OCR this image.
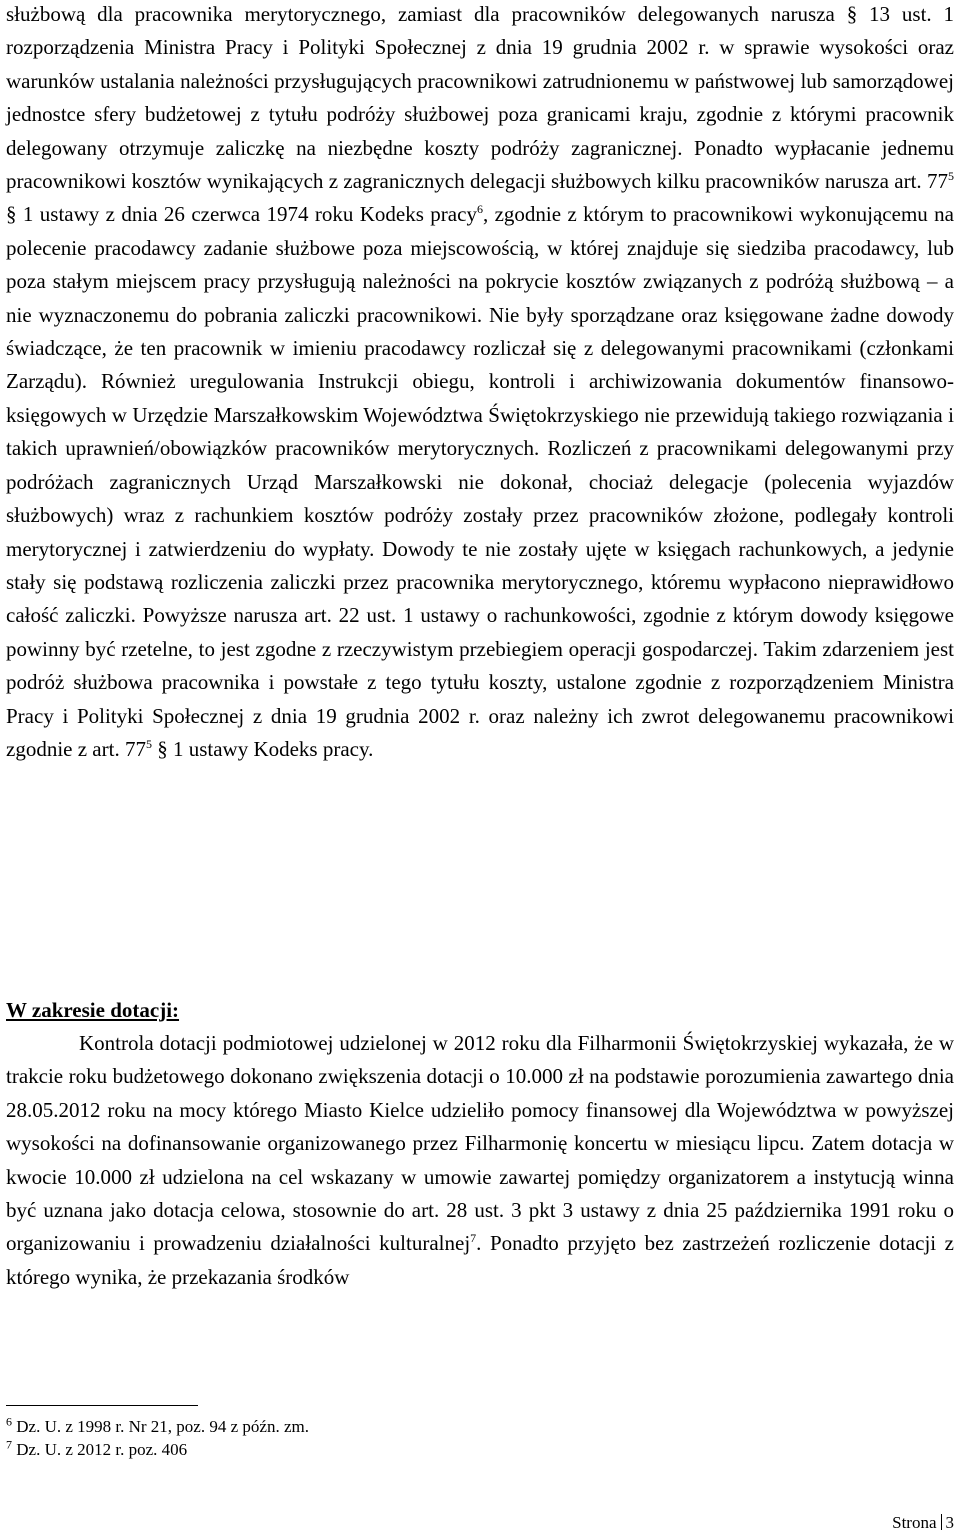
służbową dla pracownika merytorycznego, zamiast dla pracowników delegowanych narusza § 13 ust. 1 rozporządzenia Ministra Pracy i Polityki Społecznej z dnia 19 grudnia 2002 r. w sprawie wysokości oraz warunków ustalania należności przysługujących pracownikowi zatrudnionemu w państwowej lub samorządowej jednostce sfery budżetowej z tytułu podróży służbowej poza granicami kraju, zgodnie z którymi pracownik delegowany otrzymuje zaliczkę na niezbędne koszty podróży zagranicznej. Ponadto wypłacanie jednemu pracownikowi kosztów wynikających z zagranicznych delegacji służbowych kilku pracowników narusza art. $77^5$ § 1 ustawy z dnia 26 czerwca 1974 roku Kodeks pracy$^6$, zgodnie z którym to pracownikowi wykonującemu na polecenie pracodawcy zadanie służbowe poza miejscowością, w której znajduje się siedziba pracodawcy, lub poza stałym miejscem pracy przysługują należności na pokrycie kosztów związanych z podróżą służbową – a nie wyznaczonemu do pobrania zaliczki pracownikowi. Nie były sporządzane oraz księgowane żadne dowody świadczące, że ten pracownik w imieniu pracodawcy rozliczał się z delegowanymi pracownikami (członkami Zarządu). Również uregulowania Instrukcji obiegu, kontroli i archiwizowania dokumentów finansowo-księgowych w Urzędzie Marszałkowskim Województwa Świętokrzyskiego nie przewidują takiego rozwiązania i takich uprawnień/obowiązków pracowników merytorycznych. Rozliczeń z pracownikami delegowanymi przy podróżach zagranicznych Urząd Marszałkowski nie dokonał, chociaż delegacje (polecenia wyjazdów służbowych) wraz z rachunkiem kosztów podróży zostały przez pracowników złożone, podlegały kontroli merytorycznej i zatwierdzeniu do wypłaty. Dowody te nie zostały ujęte w księgach rachunkowych, a jedynie stały się podstawą rozliczenia zaliczki przez pracownika merytorycznego, któremu wypłacono nieprawidłowo całość zaliczki. Powyższe narusza art. 22 ust. 1 ustawy o rachunkowości, zgodnie z którym dowody księgowe powinny być rzetelne, to jest zgodne z rzeczywistym przebiegiem operacji gospodarczej. Takim zdarzeniem jest podróż służbowa pracownika i powstałe z tego tytułu koszty, ustalone zgodnie z rozporządzeniem Ministra Pracy i Polityki Społecznej z dnia 19 grudnia 2002 r. oraz należny ich zwrot delegowanemu pracownikowi zgodnie z art. $77^5$ § 1 ustawy Kodeks pracy.

W zakresie dotacji:

Kontrola dotacji podmiotowej udzielonej w 2012 roku dla Filharmonii Świętokrzyskiej wykazała, że w trakcie roku budżetowego dokonano zwiększenia dotacji o 10.000 zł na podstawie porozumienia zawartego dnia 28.05.2012 roku na mocy którego Miasto Kielce udzieliło pomocy finansowej dla Województwa w powyższej wysokości na dofinansowanie organizowanego przez Filharmonię koncertu w miesiącu lipcu. Zatem dotacja w kwocie 10.000 zł udzielona na cel wskazany w umowie zawartej pomiędzy organizatorem a instytucją winna być uznana jako dotacja celowa, stosownie do art. 28 ust. 3 pkt 3 ustawy z dnia 25 października 1991 roku o organizowaniu i prowadzeniu działalności kulturalnej$^7$. Ponadto przyjęto bez zastrzeżeń rozliczenie dotacji z którego wynika, że przekazania środków

$^6$ Dz. U. z 1998 r. Nr 21, poz. 94 z późn. zm.
$^7$ Dz. U. z 2012 r. poz. 406
Strona 3
